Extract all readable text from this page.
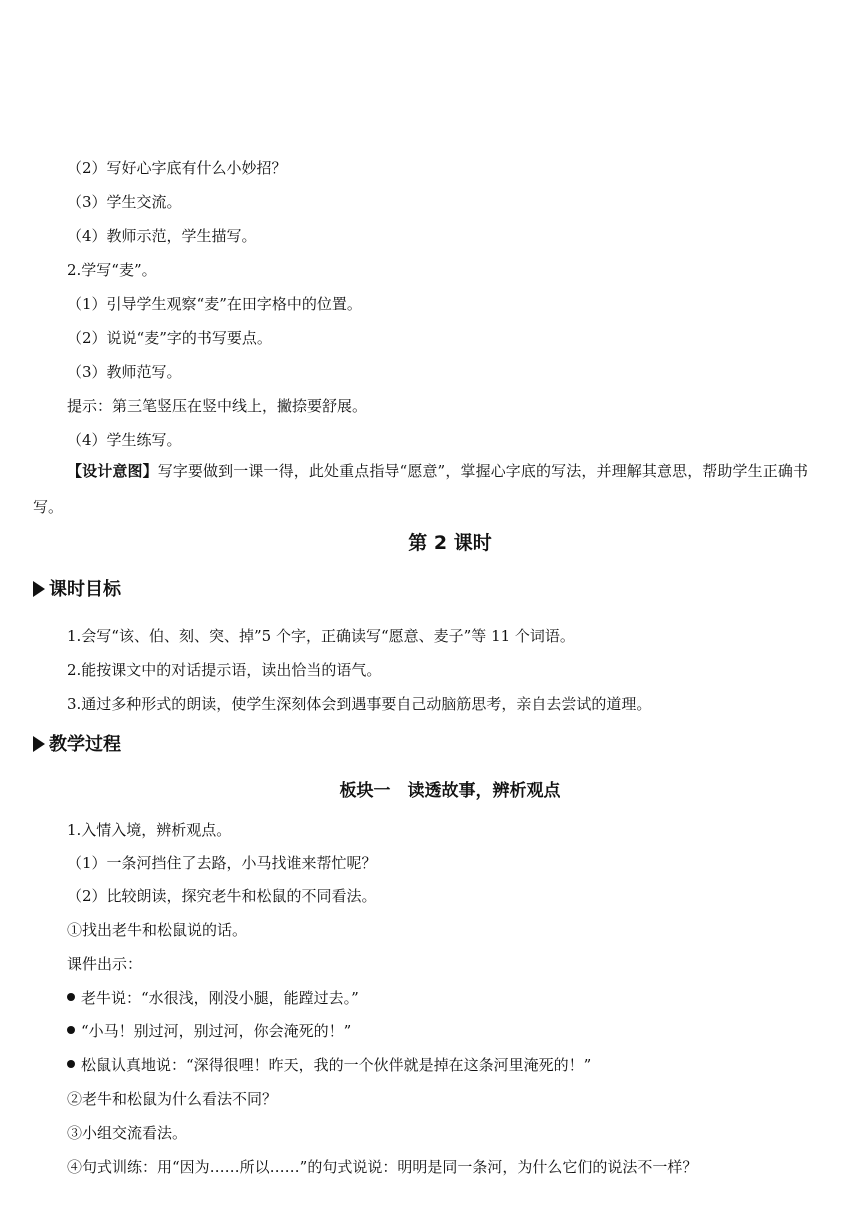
（2）写好心字底有什么小妙招？
（3）学生交流。
（4）教师示范，学生描写。
2.学写“麦”。
（1）引导学生观察“麦”在田字格中的位置。
（2）说说“麦”字的书写要点。
（3）教师范写。
提示：第三笔竖压在竖中线上，撇捺要舒展。
（4）学生练写。
【设计意图】写字要做到一课一得，此处重点指导“愿意”，掌握心字底的写法，并理解其意思，帮助学生正确书写。
第 2 课时
课时目标
1.会写“该、伯、刻、突、掉”5 个字，正确读写“愿意、麦子”等 11 个词语。
2.能按课文中的对话提示语，读出恰当的语气。
3.通过多种形式的朗读，使学生深刻体会到遇事要自己动脑筋思考，亲自去尝试的道理。
教学过程
板块一　读透故事，辨析观点
1.入情入境，辨析观点。
（1）一条河挡住了去路，小马找谁来帮忙呢？
（2）比较朗读，探究老牛和松鼠的不同看法。
①找出老牛和松鼠说的话。
课件出示：
老牛说：“水很浅，刚没小腿，能蹚过去。”
“小马！别过河，别过河，你会淹死的！”
松鼠认真地说：“深得很哩！昨天，我的一个伙伴就是掉在这条河里淹死的！”
②老牛和松鼠为什么看法不同？
③小组交流看法。
④句式训练：用“因为……所以……”的句式说说：明明是同一条河，为什么它们的说法不一样？
